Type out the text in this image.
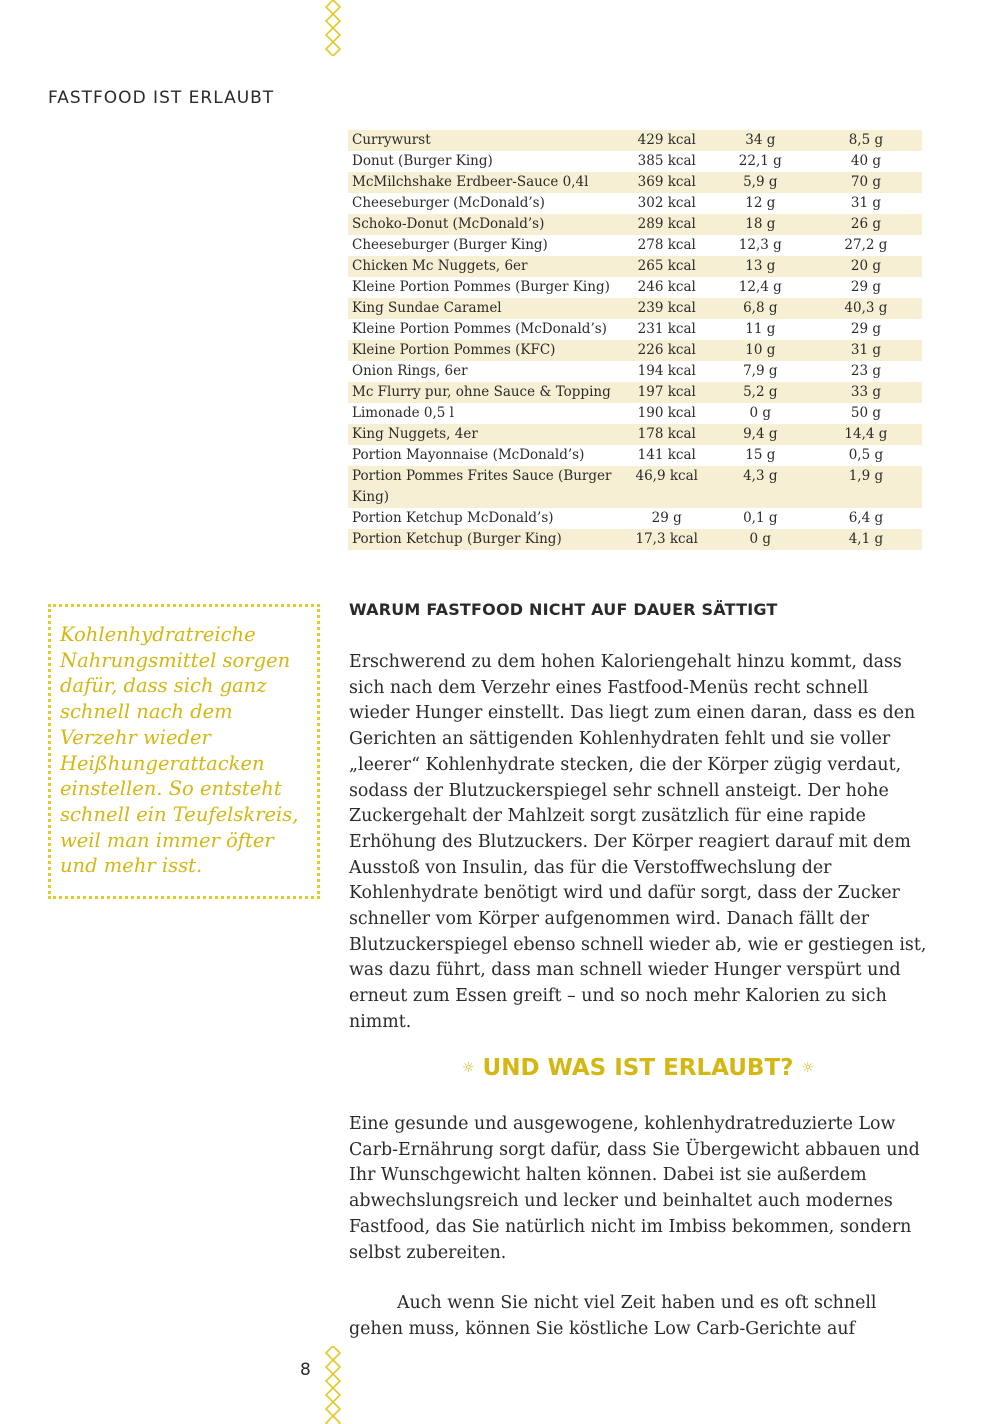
FASTFOOD IST ERLAUBT
Currywurst	429 kcal	34 g	8,5 g
Donut (Burger King)	385 kcal	22,1 g	40 g
McMilchshake Erdbeer-Sauce 0,4l	369 kcal	5,9 g	70 g
Cheeseburger (McDonald’s)	302 kcal	12 g	31 g
Schoko-Donut (McDonald’s)	289 kcal	18 g	26 g
Cheeseburger (Burger King)	278 kcal	12,3 g	27,2 g
Chicken Mc Nuggets, 6er	265 kcal	13 g	20 g
Kleine Portion Pommes (Burger King)	246 kcal	12,4 g	29 g
King Sundae Caramel	239 kcal	6,8 g	40,3 g
Kleine Portion Pommes (McDonald’s)	231 kcal	11 g	29 g
Kleine Portion Pommes (KFC)	226 kcal	10 g	31 g
Onion Rings, 6er	194 kcal	7,9 g	23 g
Mc Flurry pur, ohne Sauce & Topping	197 kcal	5,2 g	33 g
Limonade 0,5 l	190 kcal	0 g	50 g
King Nuggets, 4er	178 kcal	9,4 g	14,4 g
Portion Mayonnaise (McDonald’s)	141 kcal	15 g	0,5 g
Portion Pommes Frites Sauce (Burger King)	46,9 kcal	4,3 g	1,9 g
Portion Ketchup McDonald’s)	29 g	0,1 g	6,4 g
Portion Ketchup (Burger King)	17,3 kcal	0 g	4,1 g

Kohlenhydratreiche Nahrungsmittel sorgen dafür, dass sich ganz schnell nach dem Verzehr wieder Heißhungerattacken einstellen. So entsteht schnell ein Teufelskreis, weil man immer öfter und mehr isst.

WARUM FASTFOOD NICHT AUF DAUER SÄTTIGT

Erschwerend zu dem hohen Kaloriengehalt hinzu kommt, dass sich nach dem Verzehr eines Fastfood-Menüs recht schnell wieder Hunger einstellt. Das liegt zum einen daran, dass es den Gerichten an sättigenden Kohlenhydraten fehlt und sie voller „leerer“ Kohlenhydrate stecken, die der Körper zügig verdaut, sodass der Blutzuckerspiegel sehr schnell ansteigt. Der hohe Zuckergehalt der Mahlzeit sorgt zusätzlich für eine rapide Erhöhung des Blutzuckers. Der Körper reagiert darauf mit dem Ausstoß von Insulin, das für die Verstoffwechslung der Kohlenhydrate benötigt wird und dafür sorgt, dass der Zucker schneller vom Körper aufgenommen wird. Danach fällt der Blutzuckerspiegel ebenso schnell wieder ab, wie er gestiegen ist, was dazu führt, dass man schnell wieder Hunger verspürt und erneut zum Essen greift – und so noch mehr Kalorien zu sich nimmt.

☼ UND WAS IST ERLAUBT? ☼

Eine gesunde und ausgewogene, kohlenhydratreduzierte Low Carb-Ernährung sorgt dafür, dass Sie Übergewicht abbauen und Ihr Wunschgewicht halten können. Dabei ist sie außerdem abwechslungsreich und lecker und beinhaltet auch modernes Fastfood, das Sie natürlich nicht im Imbiss bekommen, sondern selbst zubereiten.

Auch wenn Sie nicht viel Zeit haben und es oft schnell gehen muss, können Sie köstliche Low Carb-Gerichte auf

8
